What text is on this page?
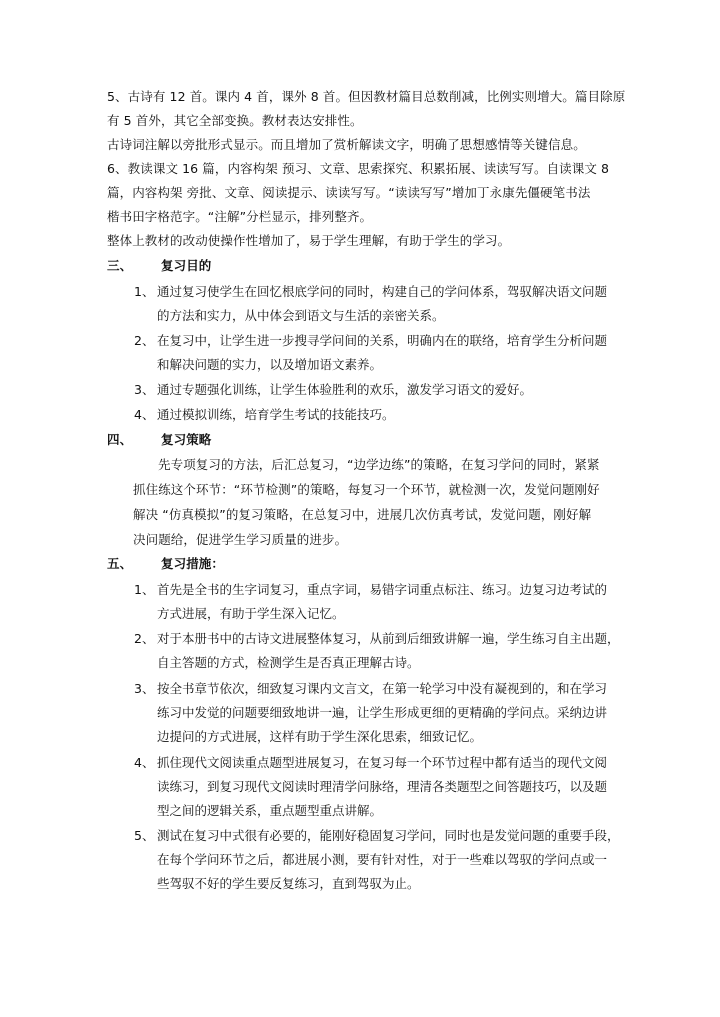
5、古诗有 12 首。课内 4 首，课外 8 首。但因教材篇目总数削减，比例实则增大。篇目除原
有 5 首外，其它全部变换。教材表达安排性。
古诗词注解以旁批形式显示。而且增加了赏析解读文字，明确了思想感情等关键信息。
6、教读课文 16 篇，内容构架 预习、文章、思索探究、积累拓展、读读写写。自读课文 8
篇，内容构架 旁批、文章、阅读提示、读读写写。“读读写写”增加丁永康先僵硬笔书法
楷书田字格范字。“注解”分栏显示，排列整齐。
整体上教材的改动使操作性增加了，易于学生理解，有助于学生的学习。
三、 复习目的
1、 通过复习使学生在回忆根底学问的同时，构建自己的学问体系，驾驭解决语文问题
的方法和实力，从中体会到语文与生活的亲密关系。
2、 在复习中，让学生进一步搜寻学问间的关系，明确内在的联络，培育学生分析问题
和解决问题的实力，以及增加语文素养。
3、 通过专题强化训练，让学生体验胜利的欢乐，激发学习语文的爱好。
4、 通过模拟训练，培育学生考试的技能技巧。
四、 复习策略
先专项复习的方法，后汇总复习，“边学边练”的策略，在复习学问的同时，紧紧
抓住练这个环节：“环节检测”的策略，每复习一个环节，就检测一次，发觉问题刚好
解决 “仿真模拟”的复习策略，在总复习中，进展几次仿真考试，发觉问题，刚好解
决问题给，促进学生学习质量的进步。
五、 复习措施：
1、 首先是全书的生字词复习，重点字词，易错字词重点标注、练习。边复习边考试的
方式进展，有助于学生深入记忆。
2、 对于本册书中的古诗文进展整体复习，从前到后细致讲解一遍，学生练习自主出题，
自主答题的方式，检测学生是否真正理解古诗。
3、 按全书章节依次，细致复习课内文言文，在第一轮学习中没有凝视到的，和在学习
练习中发觉的问题要细致地讲一遍，让学生形成更细的更精确的学问点。采纳边讲
边提问的方式进展，这样有助于学生深化思索，细致记忆。
4、 抓住现代文阅读重点题型进展复习，在复习每一个环节过程中都有适当的现代文阅
读练习，到复习现代文阅读时理清学问脉络，理清各类题型之间答题技巧，以及题
型之间的逻辑关系，重点题型重点讲解。
5、 测试在复习中式很有必要的，能刚好稳固复习学问，同时也是发觉问题的重要手段，
在每个学问环节之后，都进展小测，要有针对性，对于一些难以驾驭的学问点或一
些驾驭不好的学生要反复练习，直到驾驭为止。
